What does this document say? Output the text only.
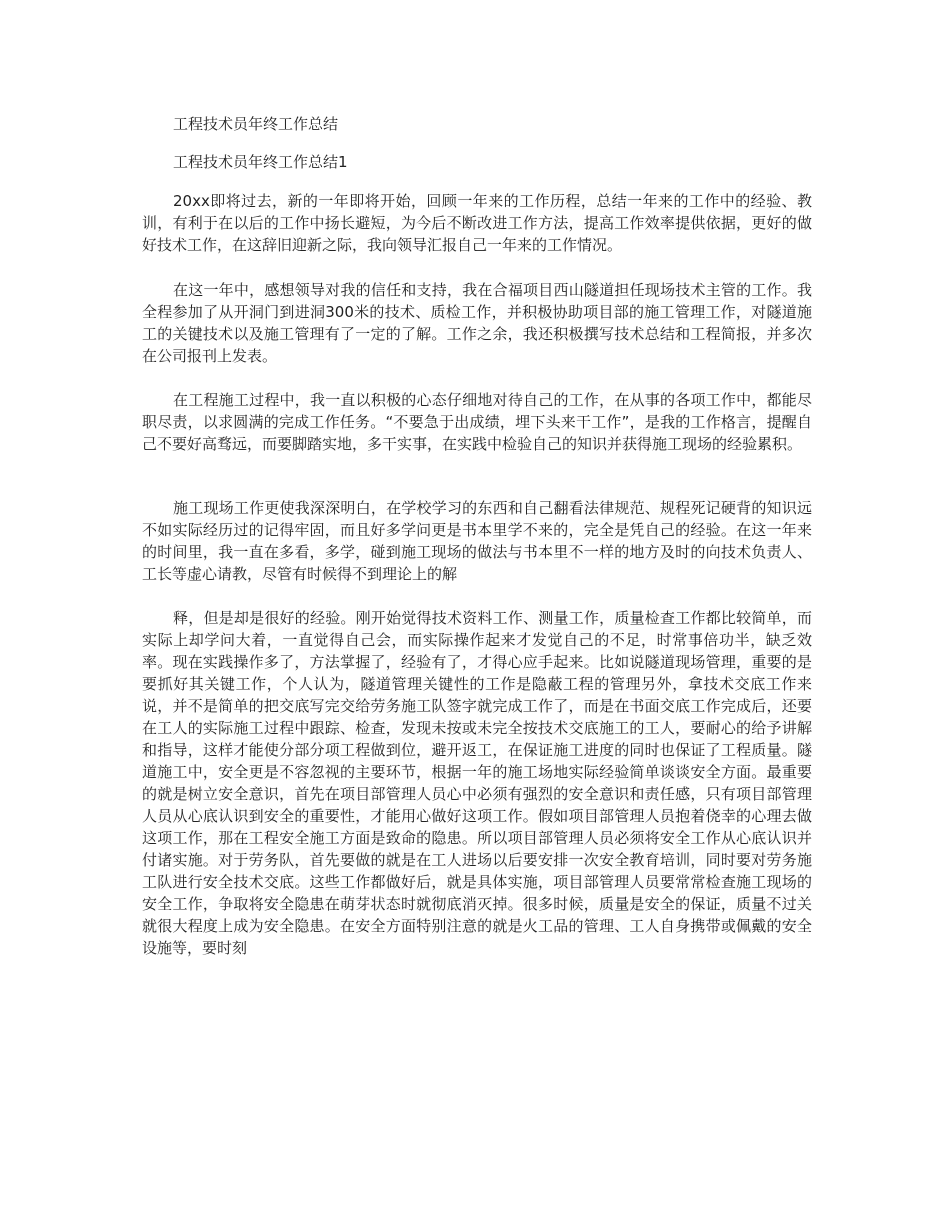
工程技术员年终工作总结
工程技术员年终工作总结1

20xx即将过去，新的一年即将开始，回顾一年来的工作历程，总结一年来的工作中的经验、教训，有利于在以后的工作中扬长避短，为今后不断改进工作方法，提高工作效率提供依据，更好的做好技术工作，在这辞旧迎新之际，我向领导汇报自己一年来的工作情况。

在这一年中，感想领导对我的信任和支持，我在合福项目西山隧道担任现场技术主管的工作。我全程参加了从开洞门到进洞300米的技术、质检工作，并积极协助项目部的施工管理工作，对隧道施工的关键技术以及施工管理有了一定的了解。工作之余，我还积极撰写技术总结和工程简报，并多次在公司报刊上发表。

在工程施工过程中，我一直以积极的心态仔细地对待自己的工作，在从事的各项工作中，都能尽职尽责，以求圆满的完成工作任务。“不要急于出成绩，埋下头来干工作”，是我的工作格言，提醒自己不要好高骛远，而要脚踏实地，多干实事，在实践中检验自己的知识并获得施工现场的经验累积。

施工现场工作更使我深深明白，在学校学习的东西和自己翻看法律规范、规程死记硬背的知识远不如实际经历过的记得牢固，而且好多学问更是书本里学不来的，完全是凭自己的经验。在这一年来的时间里，我一直在多看，多学，碰到施工现场的做法与书本里不一样的地方及时的向技术负责人、工长等虚心请教，尽管有时候得不到理论上的解

释，但是却是很好的经验。刚开始觉得技术资料工作、测量工作，质量检查工作都比较简单，而实际上却学问大着，一直觉得自己会，而实际操作起来才发觉自己的不足，时常事倍功半，缺乏效率。现在实践操作多了，方法掌握了，经验有了，才得心应手起来。比如说隧道现场管理，重要的是要抓好其关键工作，个人认为，隧道管理关键性的工作是隐蔽工程的管理另外，拿技术交底工作来说，并不是简单的把交底写完交给劳务施工队签字就完成工作了，而是在书面交底工作完成后，还要在工人的实际施工过程中跟踪、检查，发现未按或未完全按技术交底施工的工人，要耐心的给予讲解和指导，这样才能使分部分项工程做到位，避开返工，在保证施工进度的同时也保证了工程质量。隧道施工中，安全更是不容忽视的主要环节，根据一年的施工场地实际经验简单谈谈安全方面。最重要的就是树立安全意识，首先在项目部管理人员心中必须有强烈的安全意识和责任感，只有项目部管理人员从心底认识到安全的重要性，才能用心做好这项工作。假如项目部管理人员抱着侥幸的心理去做这项工作，那在工程安全施工方面是致命的隐患。所以项目部管理人员必须将安全工作从心底认识并付诸实施。对于劳务队，首先要做的就是在工人进场以后要安排一次安全教育培训，同时要对劳务施工队进行安全技术交底。这些工作都做好后，就是具体实施，项目部管理人员要常常检查施工现场的安全工作，争取将安全隐患在萌芽状态时就彻底消灭掉。很多时候，质量是安全的保证，质量不过关就很大程度上成为安全隐患。在安全方面特别注意的就是火工品的管理、工人自身携带或佩戴的安全设施等，要时刻
